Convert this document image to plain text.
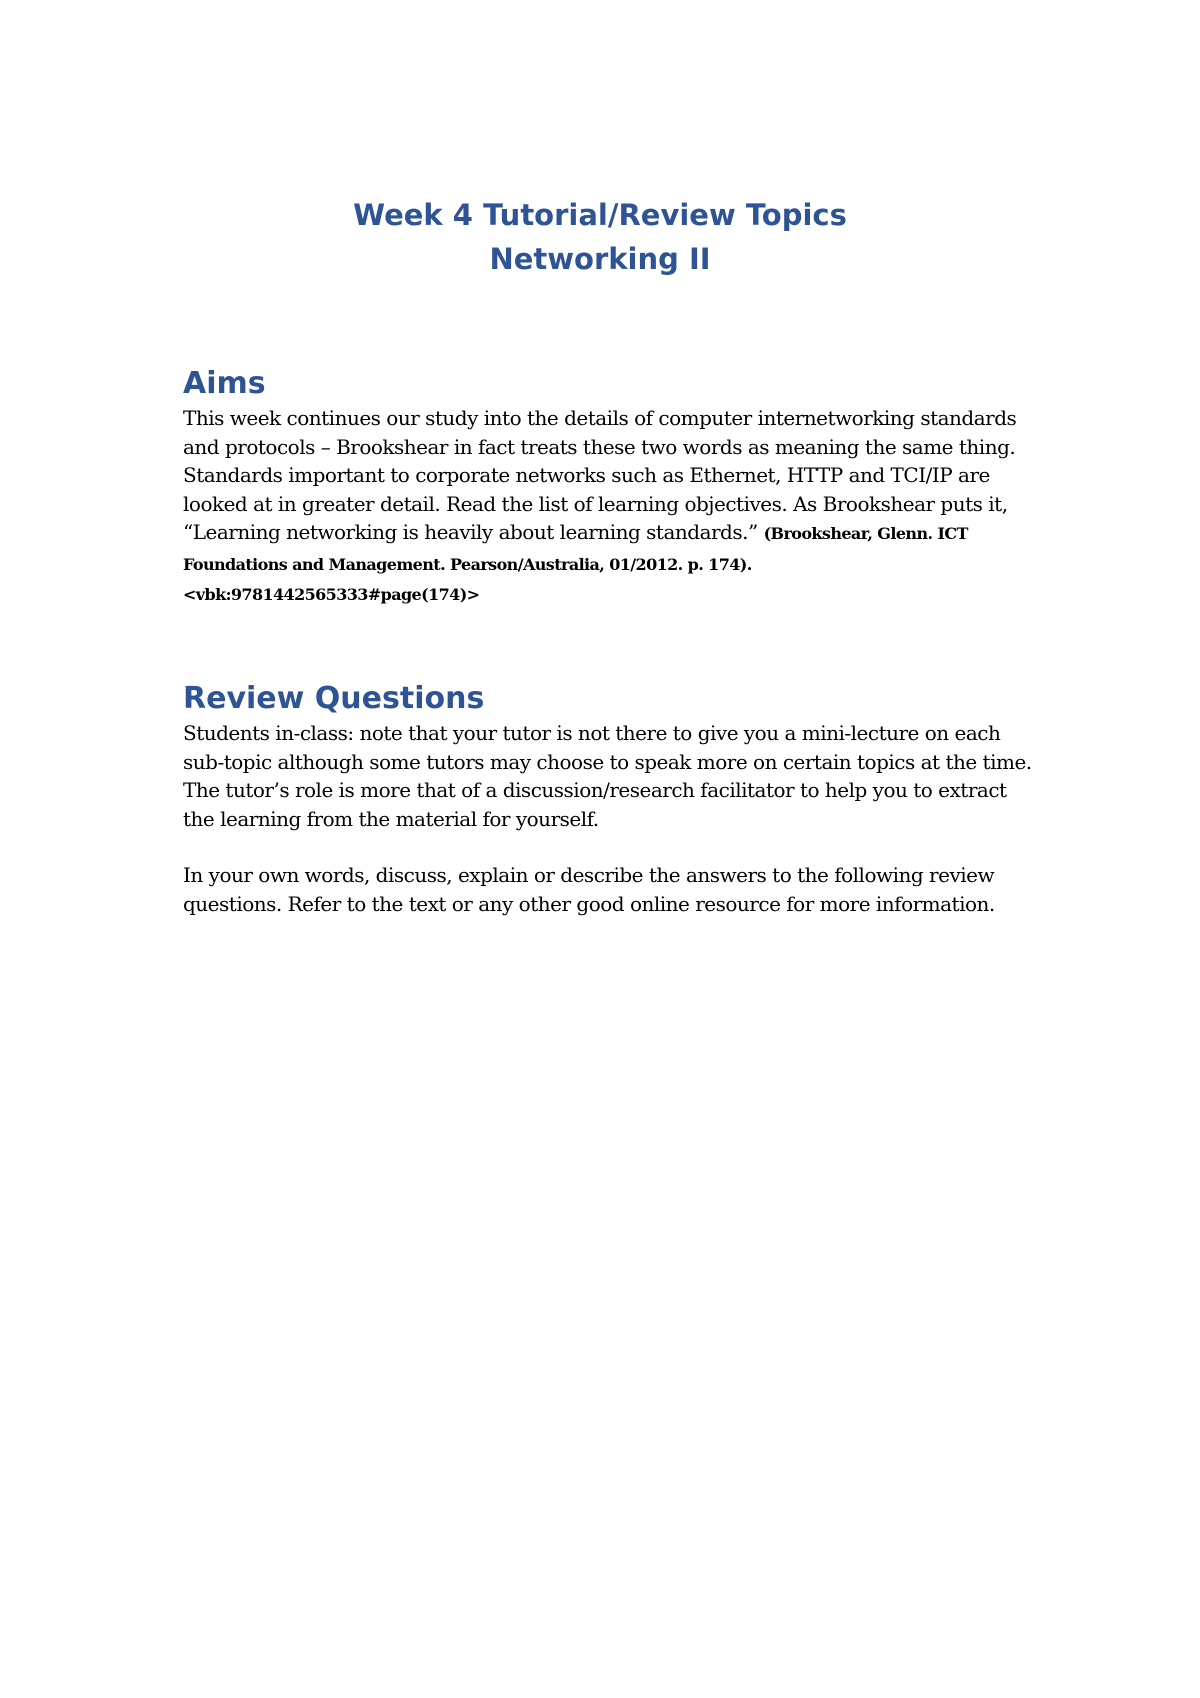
Week 4 Tutorial/Review Topics
Networking II
Aims

This week continues our study into the details of computer internetworking standards and protocols – Brookshear in fact treats these two words as meaning the same thing. Standards important to corporate networks such as Ethernet, HTTP and TCI/IP are looked at in greater detail. Read the list of learning objectives. As Brookshear puts it, “Learning networking is heavily about learning standards.” (Brookshear, Glenn. ICT Foundations and Management. Pearson/Australia, 01/2012. p. 174). <vbk:9781442565333#page(174)>

Review Questions

Students in-class: note that your tutor is not there to give you a mini-lecture on each sub-topic although some tutors may choose to speak more on certain topics at the time. The tutor’s role is more that of a discussion/research facilitator to help you to extract the learning from the material for yourself.

In your own words, discuss, explain or describe the answers to the following review questions. Refer to the text or any other good online resource for more information.
